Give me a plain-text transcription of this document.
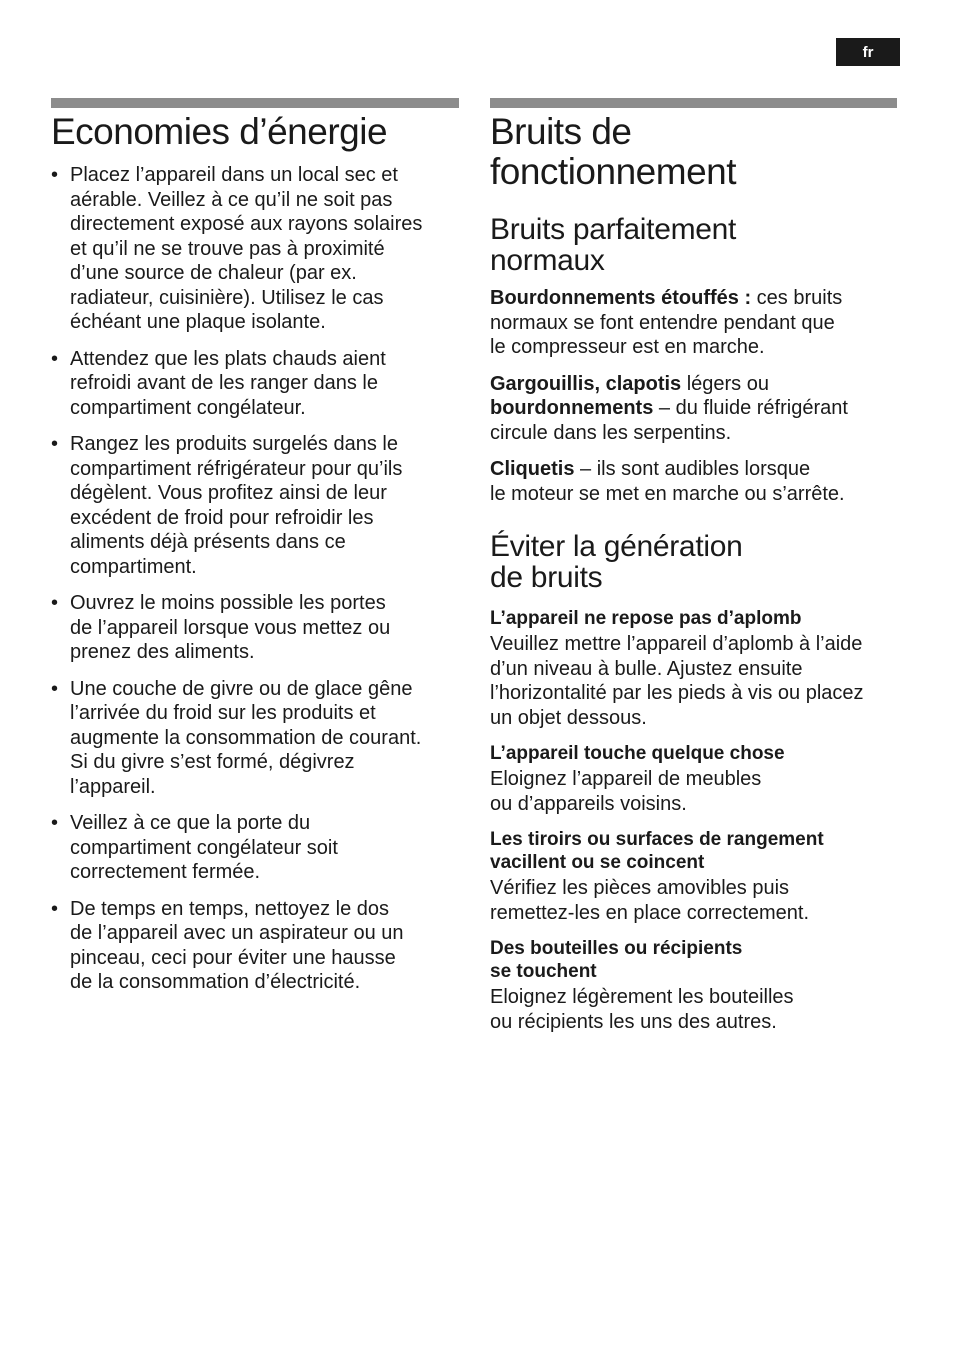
fr
Economies d’énergie
• Placez l’appareil dans un local sec et
aérable. Veillez à ce qu’il ne soit pas
directement exposé aux rayons solaires
et qu’il ne se trouve pas à proximité
d’une source de chaleur (par ex.
radiateur, cuisinière). Utilisez le cas
échéant une plaque isolante.
• Attendez que les plats chauds aient
refroidi avant de les ranger dans le
compartiment congélateur.
• Rangez les produits surgelés dans le
compartiment réfrigérateur pour qu’ils
dégèlent. Vous profitez ainsi de leur
excédent de froid pour refroidir les
aliments déjà présents dans ce
compartiment.
• Ouvrez le moins possible les portes
de l’appareil lorsque vous mettez ou
prenez des aliments.
• Une couche de givre ou de glace gêne
l’arrivée du froid sur les produits et
augmente la consommation de courant.
Si du givre s’est formé, dégivrez
l’appareil.
• Veillez à ce que la porte du
compartiment congélateur soit
correctement fermée.
• De temps en temps, nettoyez le dos
de l’appareil avec un aspirateur ou un
pinceau, ceci pour éviter une hausse
de la consommation d’électricité.
Bruits de
fonctionnement
Bruits parfaitement
normaux

Bourdonnements étouffés : ces bruits
normaux se font entendre pendant que
le compresseur est en marche.

Gargouillis, clapotis légers ou
bourdonnements – du fluide réfrigérant
circule dans les serpentins.

Cliquetis – ils sont audibles lorsque
le moteur se met en marche ou s’arrête.

Éviter la génération
de bruits

L’appareil ne repose pas d’aplomb

Veuillez mettre l’appareil d’aplomb à l’aide
d’un niveau à bulle. Ajustez ensuite
l’horizontalité par les pieds à vis ou placez
un objet dessous.

L’appareil touche quelque chose

Eloignez l’appareil de meubles
ou d’appareils voisins.

Les tiroirs ou surfaces de rangement
vacillent ou se coincent

Vérifiez les pièces amovibles puis
remettez-les en place correctement.

Des bouteilles ou récipients
se touchent

Eloignez légèrement les bouteilles
ou récipients les uns des autres.
